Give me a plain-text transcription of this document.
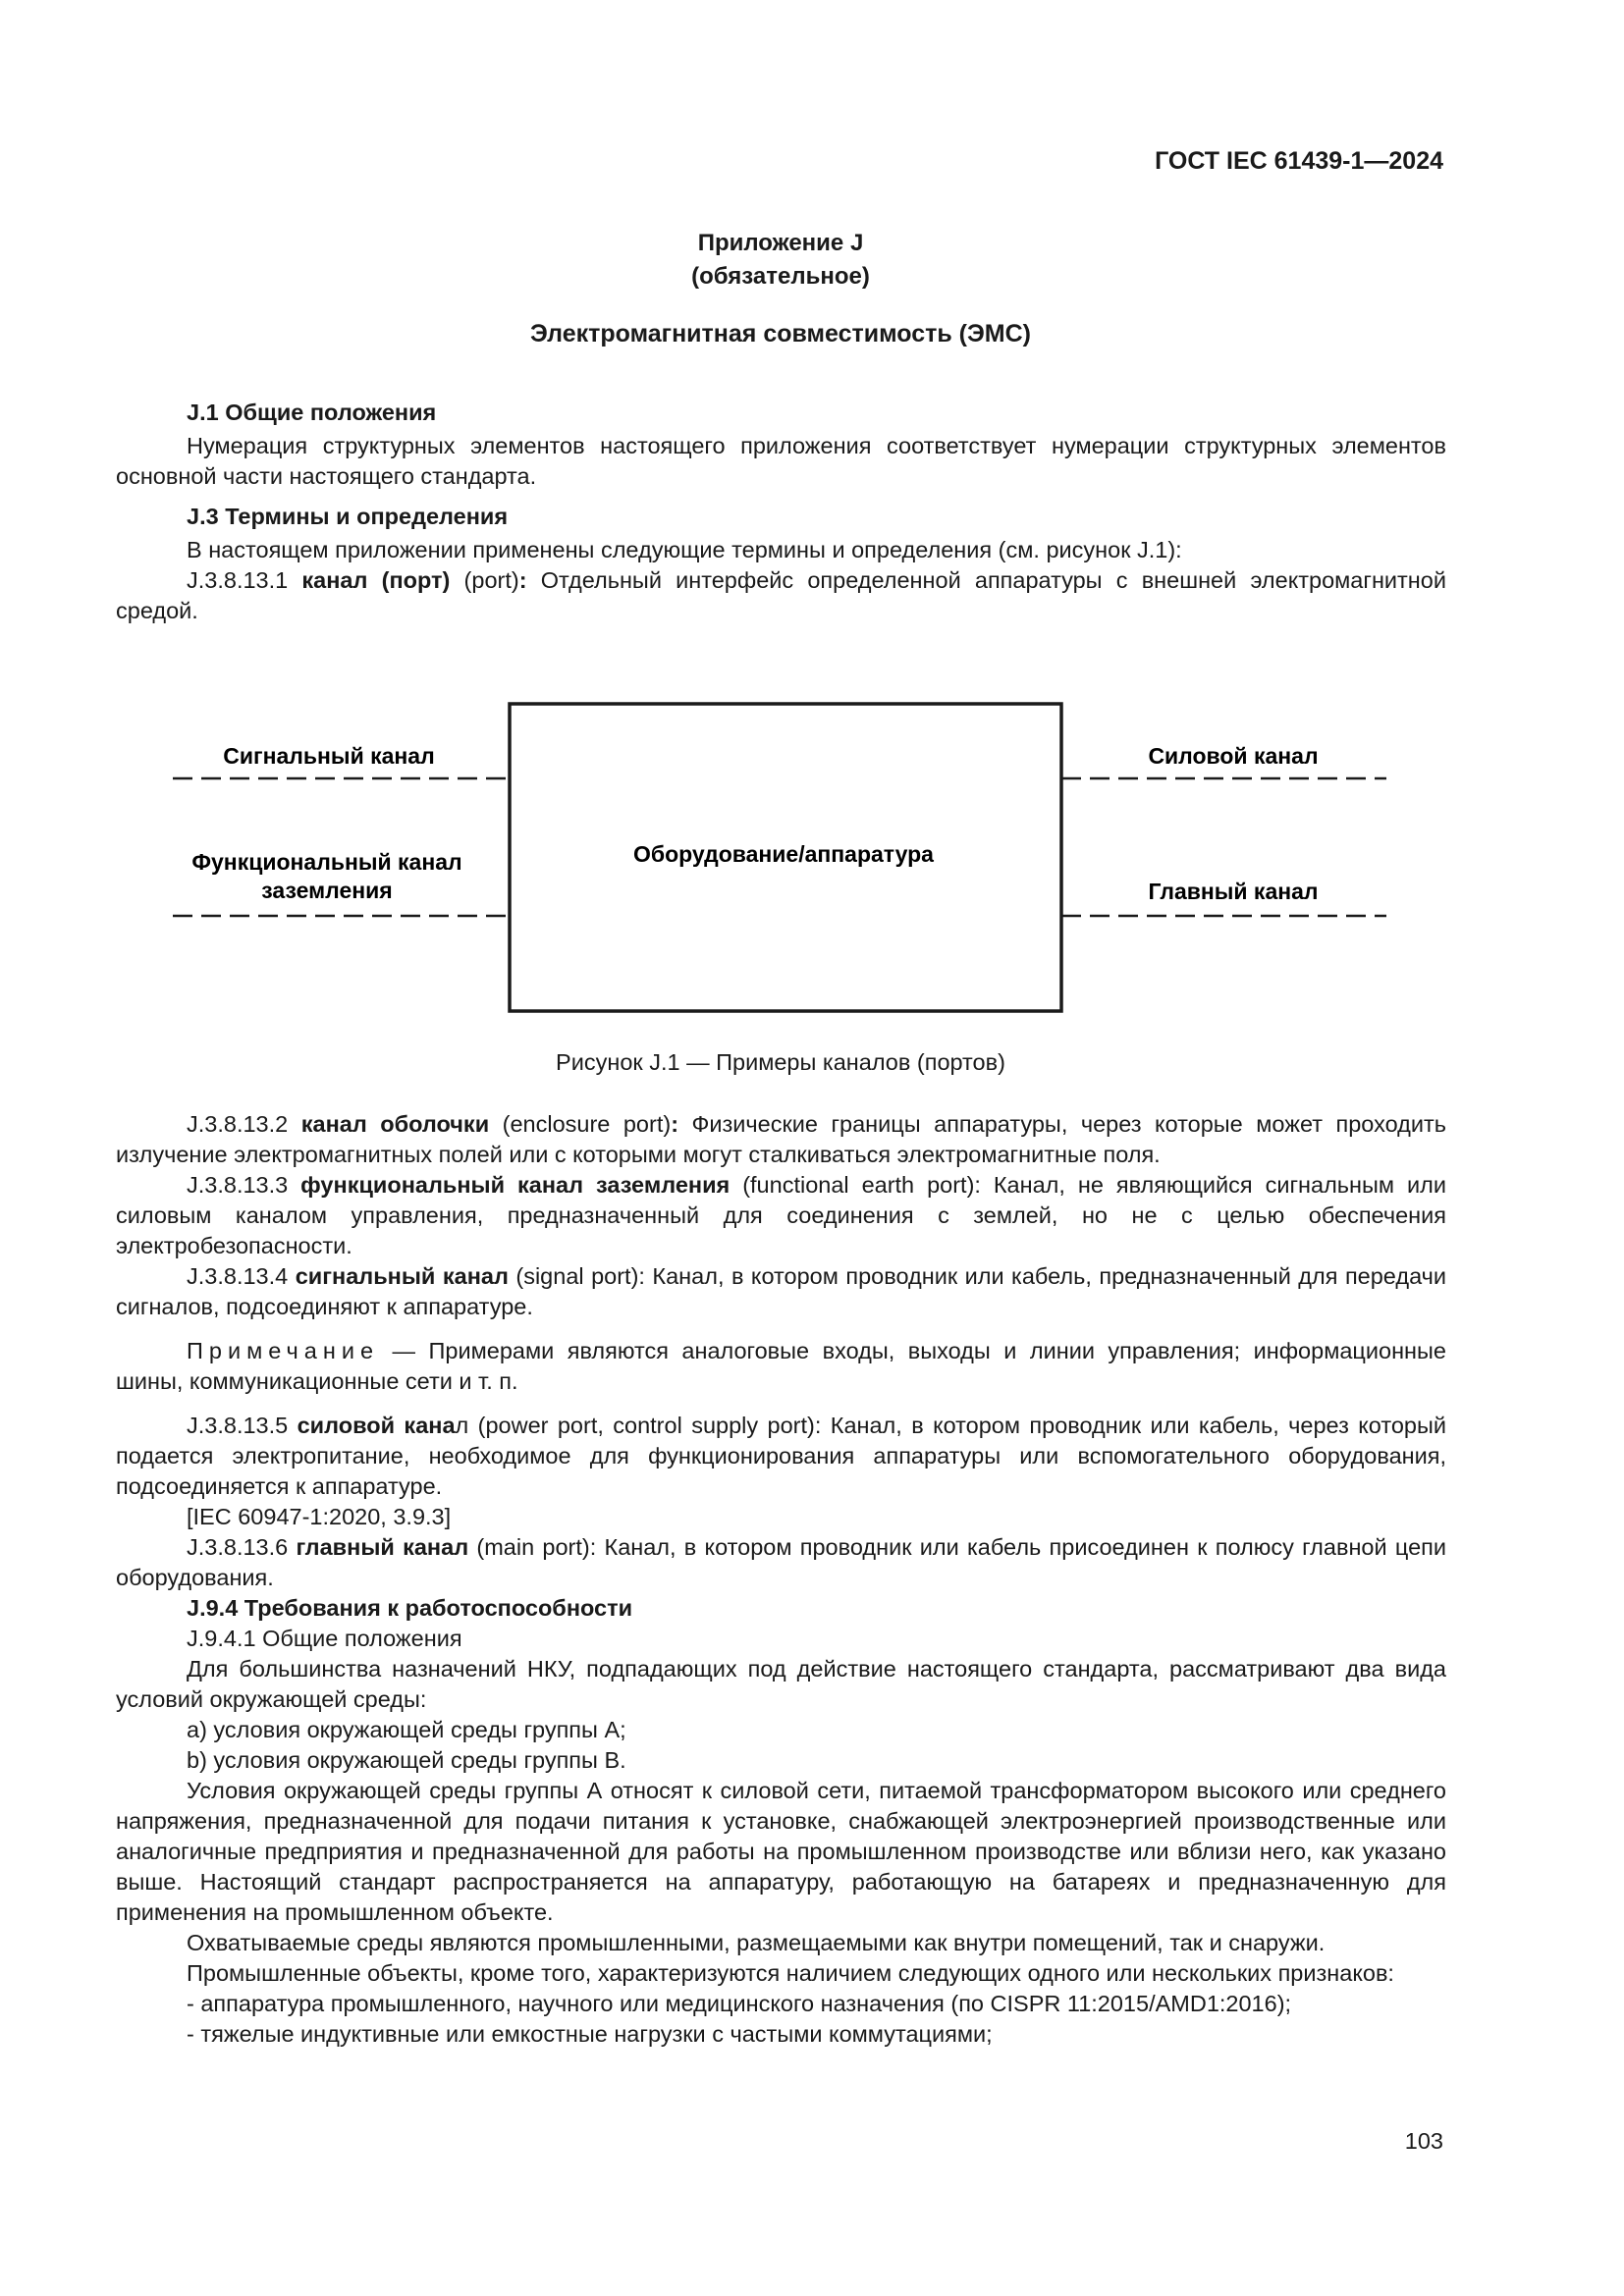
ГОСТ IEC 61439-1—2024
Приложение J
(обязательное)
Электромагнитная совместимость (ЭМС)

J.1 Общие положения

Нумерация структурных элементов настоящего приложения соответствует нумерации структурных элементов основной части настоящего стандарта.

J.3 Термины и определения

В настоящем приложении применены следующие термины и определения (см. рисунок J.1):

J.3.8.13.1 канал (порт) (port): Отдельный интерфейс определенной аппаратуры с внешней электромагнитной средой.

Сигнальный канал
Функциональный канал
заземления
Оборудование/аппаратура
Силовой канал
Главный канал
Рисунок J.1 — Примеры каналов (портов)

J.3.8.13.2 канал оболочки (enclosure port): Физические границы аппаратуры, через которые может проходить излучение электромагнитных полей или с которыми могут сталкиваться электромагнитные поля.

J.3.8.13.3 функциональный канал заземления (functional earth port): Канал, не являющийся сигнальным или силовым каналом управления, предназначенный для соединения с землей, но не с целью обеспечения электробезопасности.

J.3.8.13.4 сигнальный канал (signal port): Канал, в котором проводник или кабель, предназначенный для передачи сигналов, подсоединяют к аппаратуре.

Примечание — Примерами являются аналоговые входы, выходы и линии управления; информационные шины, коммуникационные сети и т. п.

J.3.8.13.5 силовой канал (power port, control supply port): Канал, в котором проводник или кабель, через который подается электропитание, необходимое для функционирования аппаратуры или вспомогательного оборудования, подсоединяется к аппаратуре.

[IEC 60947-1:2020, 3.9.3]

J.3.8.13.6 главный канал (main port): Канал, в котором проводник или кабель присоединен к полюсу главной цепи оборудования.

J.9.4 Требования к работоспособности

J.9.4.1 Общие положения

Для большинства назначений НКУ, подпадающих под действие настоящего стандарта, рассматривают два вида условий окружающей среды:

a) условия окружающей среды группы А;

b) условия окружающей среды группы В.

Условия окружающей среды группы А относят к силовой сети, питаемой трансформатором высокого или среднего напряжения, предназначенной для подачи питания к установке, снабжающей электроэнергией производственные или аналогичные предприятия и предназначенной для работы на промышленном производстве или вблизи него, как указано выше. Настоящий стандарт распространяется на аппаратуру, работающую на батареях и предназначенную для применения на промышленном объекте.

Охватываемые среды являются промышленными, размещаемыми как внутри помещений, так и снаружи.

Промышленные объекты, кроме того, характеризуются наличием следующих одного или нескольких признаков:

- аппаратура промышленного, научного или медицинского назначения (по CISPR 11:2015/AMD1:2016);

- тяжелые индуктивные или емкостные нагрузки с частыми коммутациями;

103
